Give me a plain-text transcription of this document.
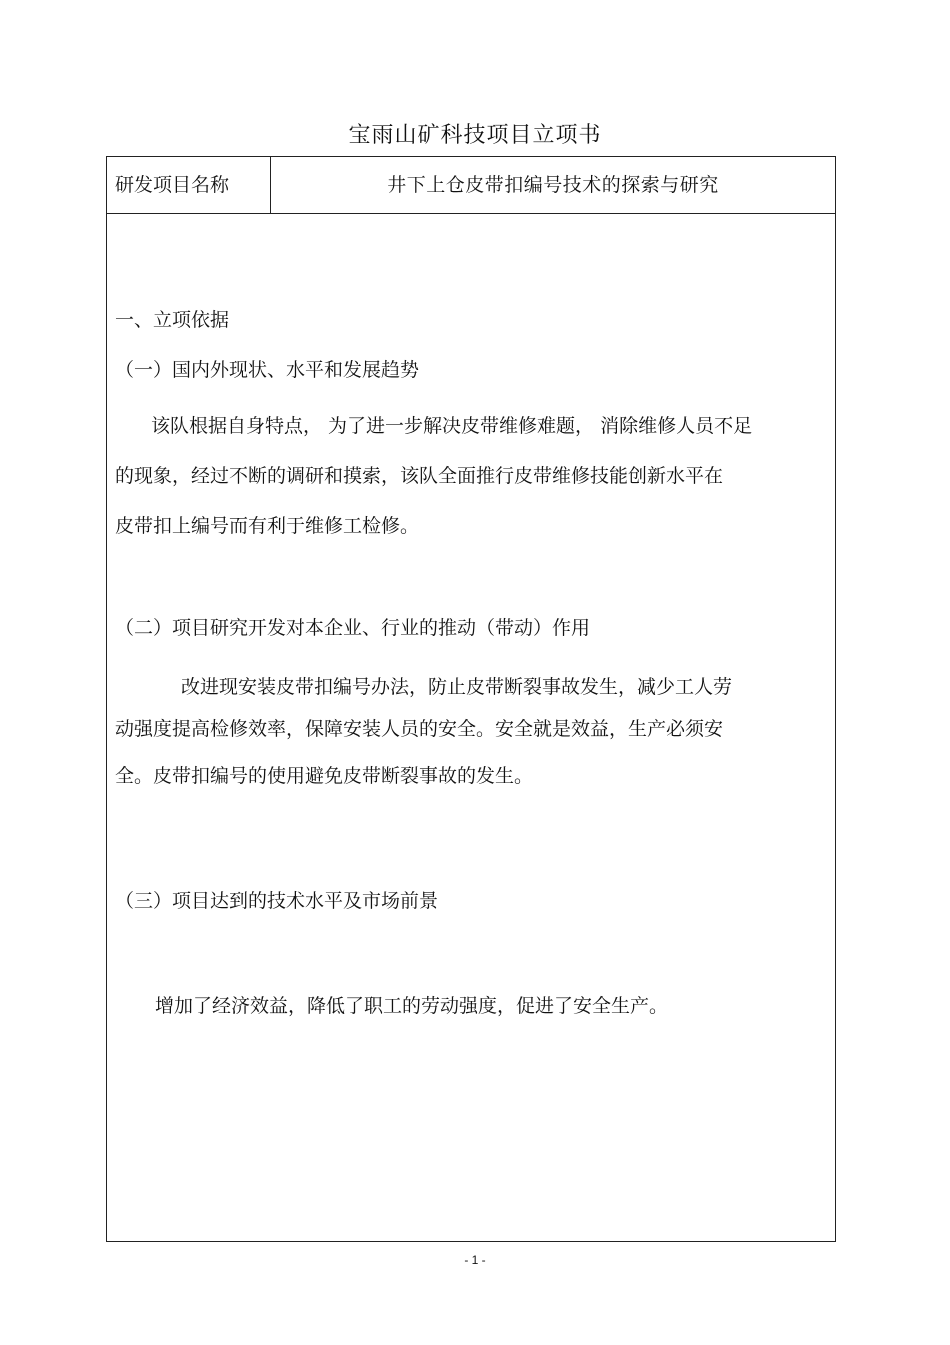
宝雨山矿科技项目立项书
研发项目名称	井下上仓皮带扣编号技术的探索与研究
一、立项依据
（一）国内外现状、水平和发展趋势
该队根据自身特点， 为了进一步解决皮带维修难题， 消除维修人员不足
的现象，经过不断的调研和摸索，该队全面推行皮带维修技能创新水平在
皮带扣上编号而有利于维修工检修。
（二）项目研究开发对本企业、行业的推动（带动）作用
改进现安装皮带扣编号办法，防止皮带断裂事故发生，减少工人劳
动强度提高检修效率，保障安装人员的安全。安全就是效益，生产必须安
全。皮带扣编号的使用避免皮带断裂事故的发生。
（三）项目达到的技术水平及市场前景
增加了经济效益，降低了职工的劳动强度，促进了安全生产。
- 1 -
